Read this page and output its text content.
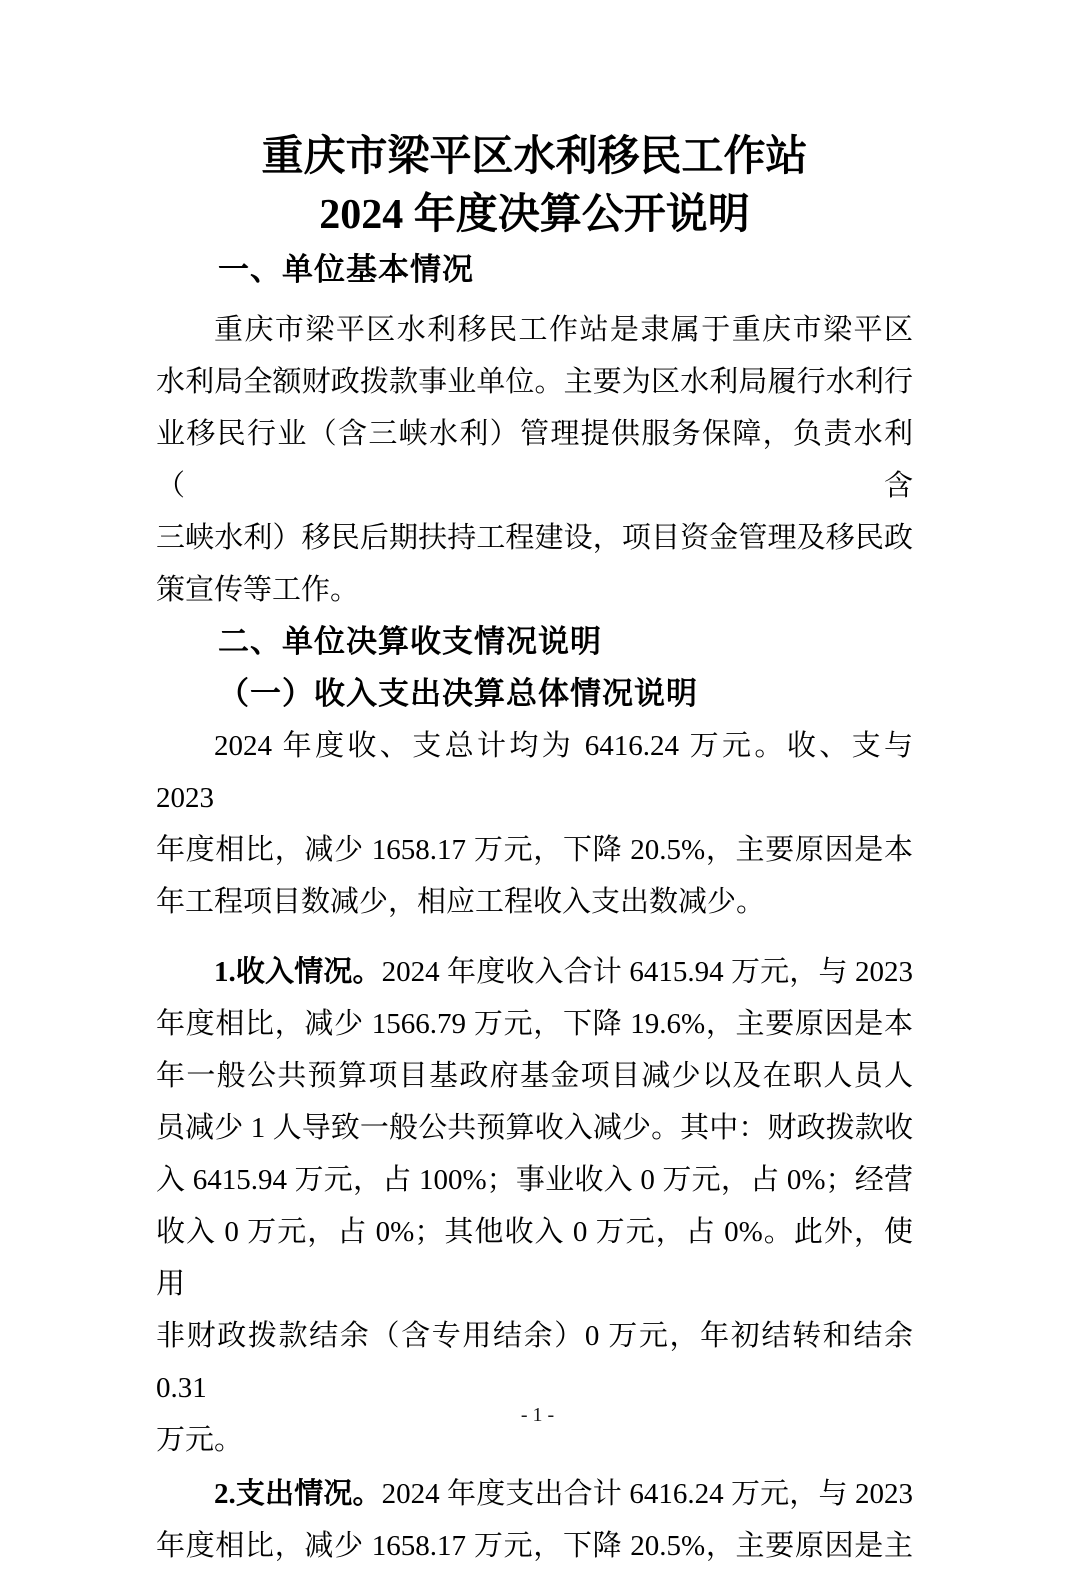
重庆市梁平区水利移民工作站
2024 年度决算公开说明
一、单位基本情况
重庆市梁平区水利移民工作站是隶属于重庆市梁平区
水利局全额财政拨款事业单位。主要为区水利局履行水利行
业移民行业（含三峡水利）管理提供服务保障，负责水利（含
三峡水利）移民后期扶持工程建设，项目资金管理及移民政
策宣传等工作。
二、单位决算收支情况说明
（一）收入支出决算总体情况说明
2024 年度收、支总计均为 6416.24 万元。收、支与 2023
年度相比，减少 1658.17 万元，下降 20.5%，主要原因是本
年工程项目数减少，相应工程收入支出数减少。
1.收入情况。2024 年度收入合计 6415.94 万元，与 2023
年度相比，减少 1566.79 万元，下降 19.6%，主要原因是本
年一般公共预算项目基政府基金项目减少以及在职人员人
员减少 1 人导致一般公共预算收入减少。其中：财政拨款收
入 6415.94 万元，占 100%；事业收入 0 万元，占 0%；经营
收入 0 万元，占 0%；其他收入 0 万元，占 0%。此外，使用
非财政拨款结余（含专用结余）0 万元，年初结转和结余 0.31
万元。
2.支出情况。2024 年度支出合计 6416.24 万元，与 2023
年度相比，减少 1658.17 万元，下降 20.5%，主要原因是主
- 1 -
